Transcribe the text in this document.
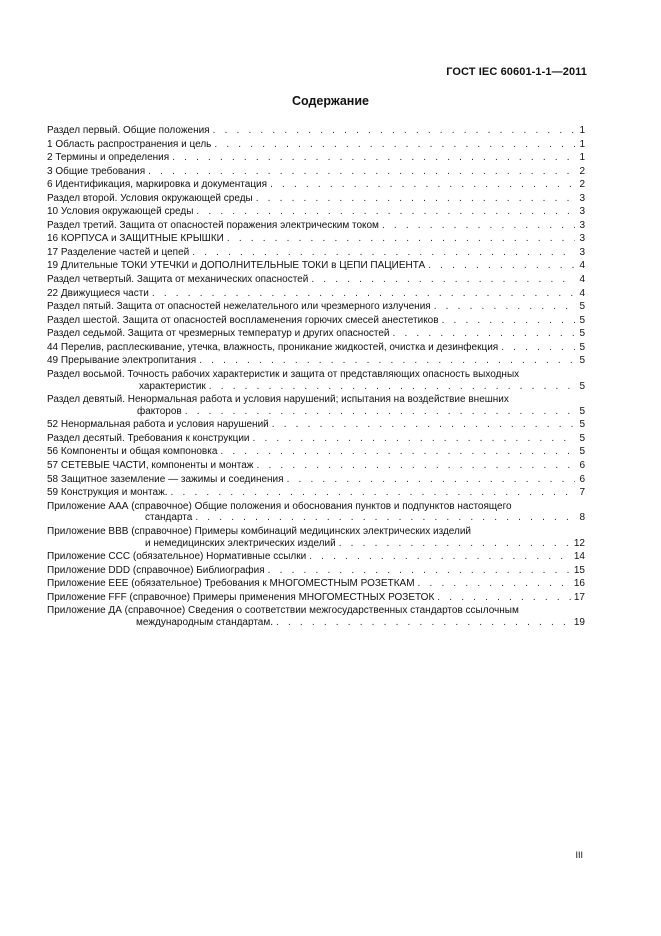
ГОСТ IEC 60601-1-1—2011
Содержание
Раздел первый. Общие положения . . .	1
1 Область распространения и цель . . .	1
2 Термины и определения . . .	1
3 Общие требования . . .	2
6 Идентификация, маркировка и документация . . .	2
Раздел второй. Условия окружающей среды . . .	3
10 Условия окружающей среды . . .	3
Раздел третий. Защита от опасностей поражения электрическим током . . .	3
16 КОРПУСА и ЗАЩИТНЫЕ КРЫШКИ . . .	3
17 Разделение частей и цепей . . .	3
19 Длительные ТОКИ УТЕЧКИ и ДОПОЛНИТЕЛЬНЫЕ ТОКИ в ЦЕПИ ПАЦИЕНТА . . .	4
Раздел четвертый. Защита от механических опасностей . . .	4
22 Движущиеся части . . .	4
Раздел пятый. Защита от опасностей нежелательного или чрезмерного излучения . . .	5
Раздел шестой. Защита от опасностей воспламенения горючих смесей анестетиков . . .	5
Раздел седьмой. Защита от чрезмерных температур и других опасностей . . .	5
44 Перелив, расплескивание, утечка, влажность, проникание жидкостей, очистка и дезинфекция . . .	5
49 Прерывание электропитания . . .	5
Раздел восьмой. Точность рабочих характеристик и защита от представляющих опасность выходных
характеристик . . .	5
Раздел девятый. Ненормальная работа и условия нарушений; испытания на воздействие внешних
факторов . . .	5
52 Ненормальная работа и условия нарушений . . .	5
Раздел десятый. Требования к конструкции . . .	5
56 Компоненты и общая компоновка . . .	5
57 СЕТЕВЫЕ ЧАСТИ, компоненты и монтаж . . .	6
58 Защитное заземление — зажимы и соединения . . .	6
59 Конструкция и монтаж. . . .	7
Приложение ААА (справочное) Общие положения и обоснования пунктов и подпунктов настоящего
стандарта . . .	8
Приложение ВВВ (справочное) Примеры комбинаций медицинских электрических изделий
и немедицинских электрических изделий . . .	12
Приложение ССС (обязательное) Нормативные ссылки . . .	14
Приложение DDD (справочное) Библиография . . .	15
Приложение ЕЕЕ (обязательное) Требования к МНОГОМЕСТНЫМ РОЗЕТКАМ . . .	16
Приложение FFF (справочное) Примеры применения МНОГОМЕСТНЫХ РОЗЕТОК . . .	17
Приложение ДА (справочное) Сведения о соответствии межгосударственных стандартов ссылочным
международным стандартам. . . .	19
III
